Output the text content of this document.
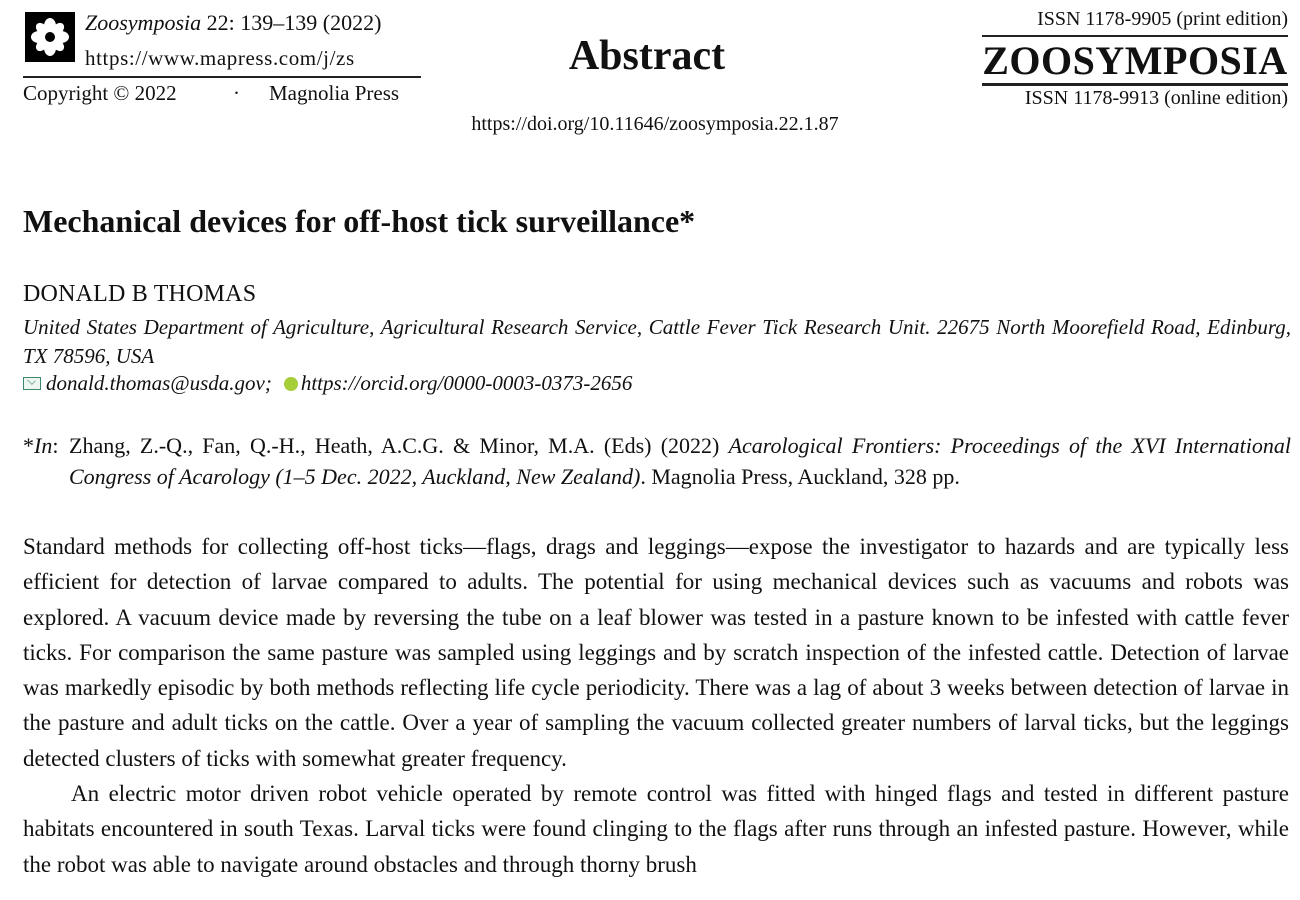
Zoosymposia 22: 139–139 (2022)
https://www.mapress.com/j/zs
Copyright © 2022	· Magnolia Press
Abstract
https://doi.org/10.11646/zoosymposia.22.1.87
ISSN 1178-9905 (print edition)
ZOOSYMPOSIA
ISSN 1178-9913 (online edition)
Mechanical devices for off-host tick surveillance*
DONALD B THOMAS
United States Department of Agriculture, Agricultural Research Service, Cattle Fever Tick Research Unit. 22675 North Moorefield Road, Edinburg, TX 78596, USA
donald.thomas@usda.gov; https://orcid.org/0000-0003-0373-2656
*In: Zhang, Z.-Q., Fan, Q.-H., Heath, A.C.G. & Minor, M.A. (Eds) (2022) Acarological Frontiers: Proceedings of the XVI International Congress of Acarology (1–5 Dec. 2022, Auckland, New Zealand). Magnolia Press, Auckland, 328 pp.

Standard methods for collecting off-host ticks—flags, drags and leggings—expose the investigator to hazards and are typically less efficient for detection of larvae compared to adults. The potential for using mechanical devices such as vacuums and robots was explored. A vacuum device made by reversing the tube on a leaf blower was tested in a pasture known to be infested with cattle fever ticks. For comparison the same pasture was sampled using leggings and by scratch inspection of the infested cattle. Detection of larvae was markedly episodic by both methods reflecting life cycle periodicity. There was a lag of about 3 weeks between detection of larvae in the pasture and adult ticks on the cattle. Over a year of sampling the vacuum collected greater numbers of larval ticks, but the leggings detected clusters of ticks with somewhat greater frequency.

An electric motor driven robot vehicle operated by remote control was fitted with hinged flags and tested in different pasture habitats encountered in south Texas. Larval ticks were found clinging to the flags after runs through an infested pasture. However, while the robot was able to navigate around obstacles and through thorny brush
